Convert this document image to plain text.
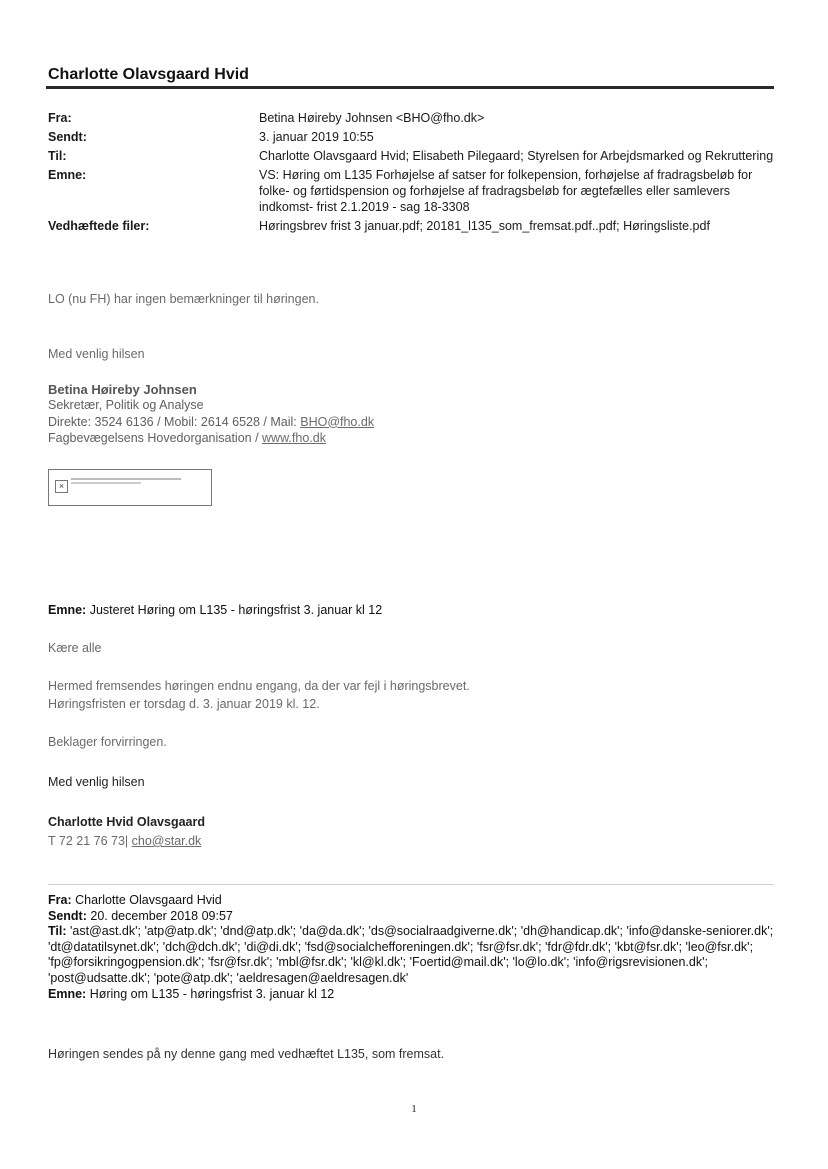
Charlotte Olavsgaard Hvid
Fra:	Betina Høireby Johnsen <BHO@fho.dk>
Sendt:	3. januar 2019 10:55
Til:	Charlotte Olavsgaard Hvid; Elisabeth Pilegaard; Styrelsen for Arbejdsmarked og Rekruttering
Emne:	VS: Høring om L135 Forhøjelse af satser for folkepension, forhøjelse af fradragsbeløb for folke- og førtidspension og forhøjelse af fradragsbeløb for ægtefælles eller samlevers indkomst- frist 2.1.2019 - sag 18-3308
Vedhæftede filer:	Høringsbrev frist 3 januar.pdf; 20181_l135_som_fremsat.pdf..pdf; Høringsliste.pdf
LO (nu FH) har ingen bemærkninger til høringen.
Med venlig hilsen
Betina Høireby Johnsen
Sekretær, Politik og Analyse
Direkte: 3524 6136 / Mobil: 2614 6528 / Mail: BHO@fho.dk
Fagbevægelsens Hovedorganisation / www.fho.dk
×
Emne: Justeret Høring om L135 - høringsfrist 3. januar kl 12
Kære alle
Hermed fremsendes høringen endnu engang, da der var fejl i høringsbrevet.
Høringsfristen er torsdag d. 3. januar 2019 kl. 12.
Beklager forvirringen.
Med venlig hilsen
Charlotte Hvid Olavsgaard
T 72 21 76 73| cho@star.dk
Fra: Charlotte Olavsgaard Hvid
Sendt: 20. december 2018 09:57
Til: 'ast@ast.dk'; 'atp@atp.dk'; 'dnd@atp.dk'; 'da@da.dk'; 'ds@socialraadgiverne.dk'; 'dh@handicap.dk'; 'info@danske-seniorer.dk'; 'dt@datatilsynet.dk'; 'dch@dch.dk'; 'di@di.dk'; 'fsd@socialchefforeningen.dk'; 'fsr@fsr.dk'; 'fdr@fdr.dk'; 'kbt@fsr.dk'; 'leo@fsr.dk'; 'fp@forsikringogpension.dk'; 'fsr@fsr.dk'; 'mbl@fsr.dk'; 'kl@kl.dk'; 'Foertid@mail.dk'; 'lo@lo.dk'; 'info@rigsrevisionen.dk'; 'post@udsatte.dk'; 'pote@atp.dk'; 'aeldresagen@aeldresagen.dk'
Emne: Høring om L135 - høringsfrist 3. januar kl 12
Høringen sendes på ny denne gang med vedhæftet L135, som fremsat.
1
